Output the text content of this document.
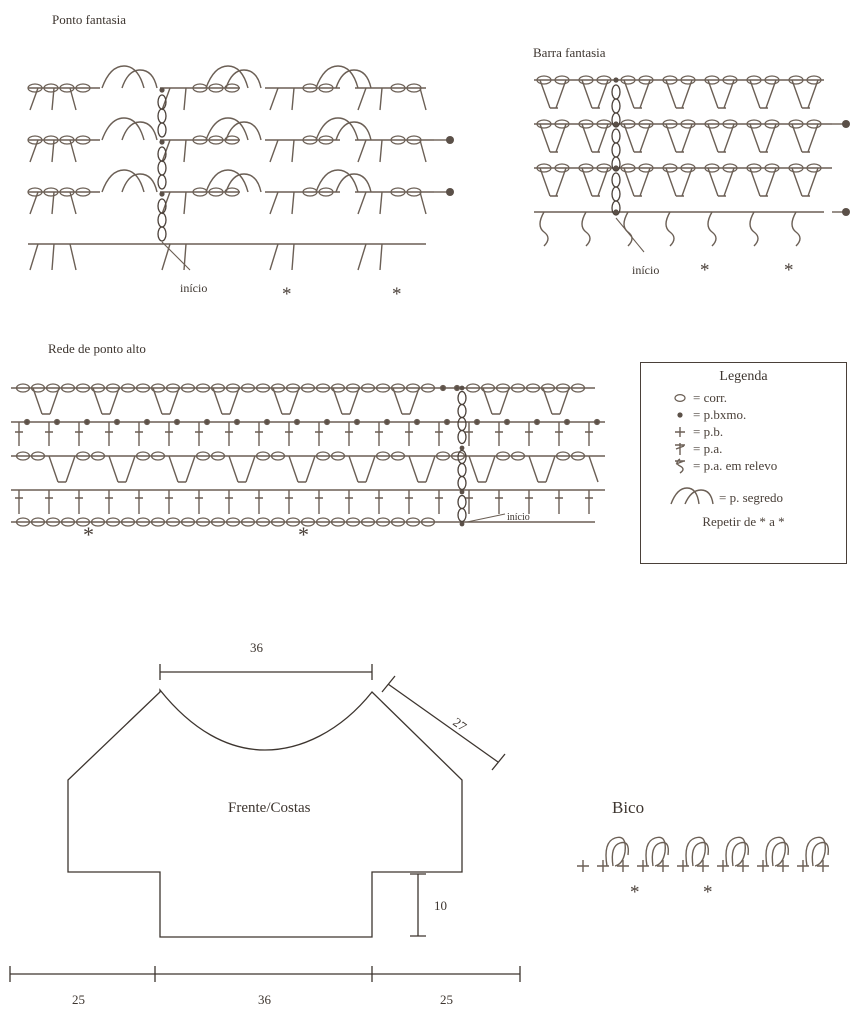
Ponto fantasia
início	*	*
Barra fantasia
início *	*
Rede de ponto alto
início
*	*
Legenda
= corr.
= p.bxmo.
= p.b.
= p.a.
= p.a. em relevo
= p. segredo
Repetir de * a *
36
27
Frente/Costas
10
25	36	25
Bico
*	*
